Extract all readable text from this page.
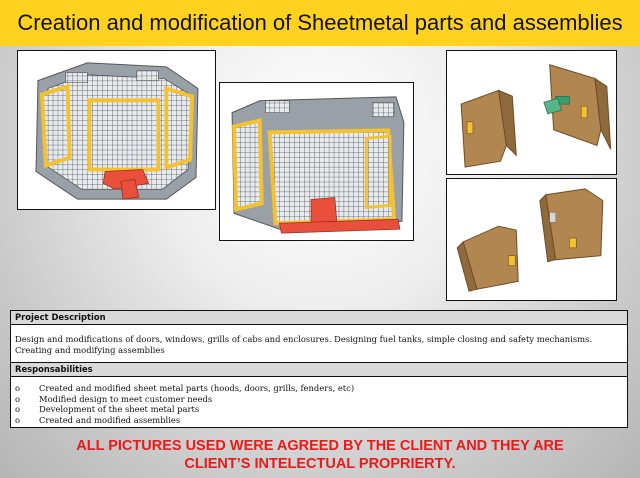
Creation and modification of Sheetmetal parts and assemblies
Project Description
Design and modifications of doors, windows, grills of cabs and enclosures. Designing fuel tanks, simple closing and safety mechanisms. Creating and modifying assemblies
Responsabilities
o	Created and modified sheet metal parts (hoods, doors, grills, fenders, etc)
o	Modified design to meet customer needs
o	Development of the sheet metal parts
o	Created and modified assemblies
ALL PICTURES USED WERE AGREED BY THE CLIENT AND THEY ARE
CLIENT’S INTELECTUAL PROPRIERTY.
